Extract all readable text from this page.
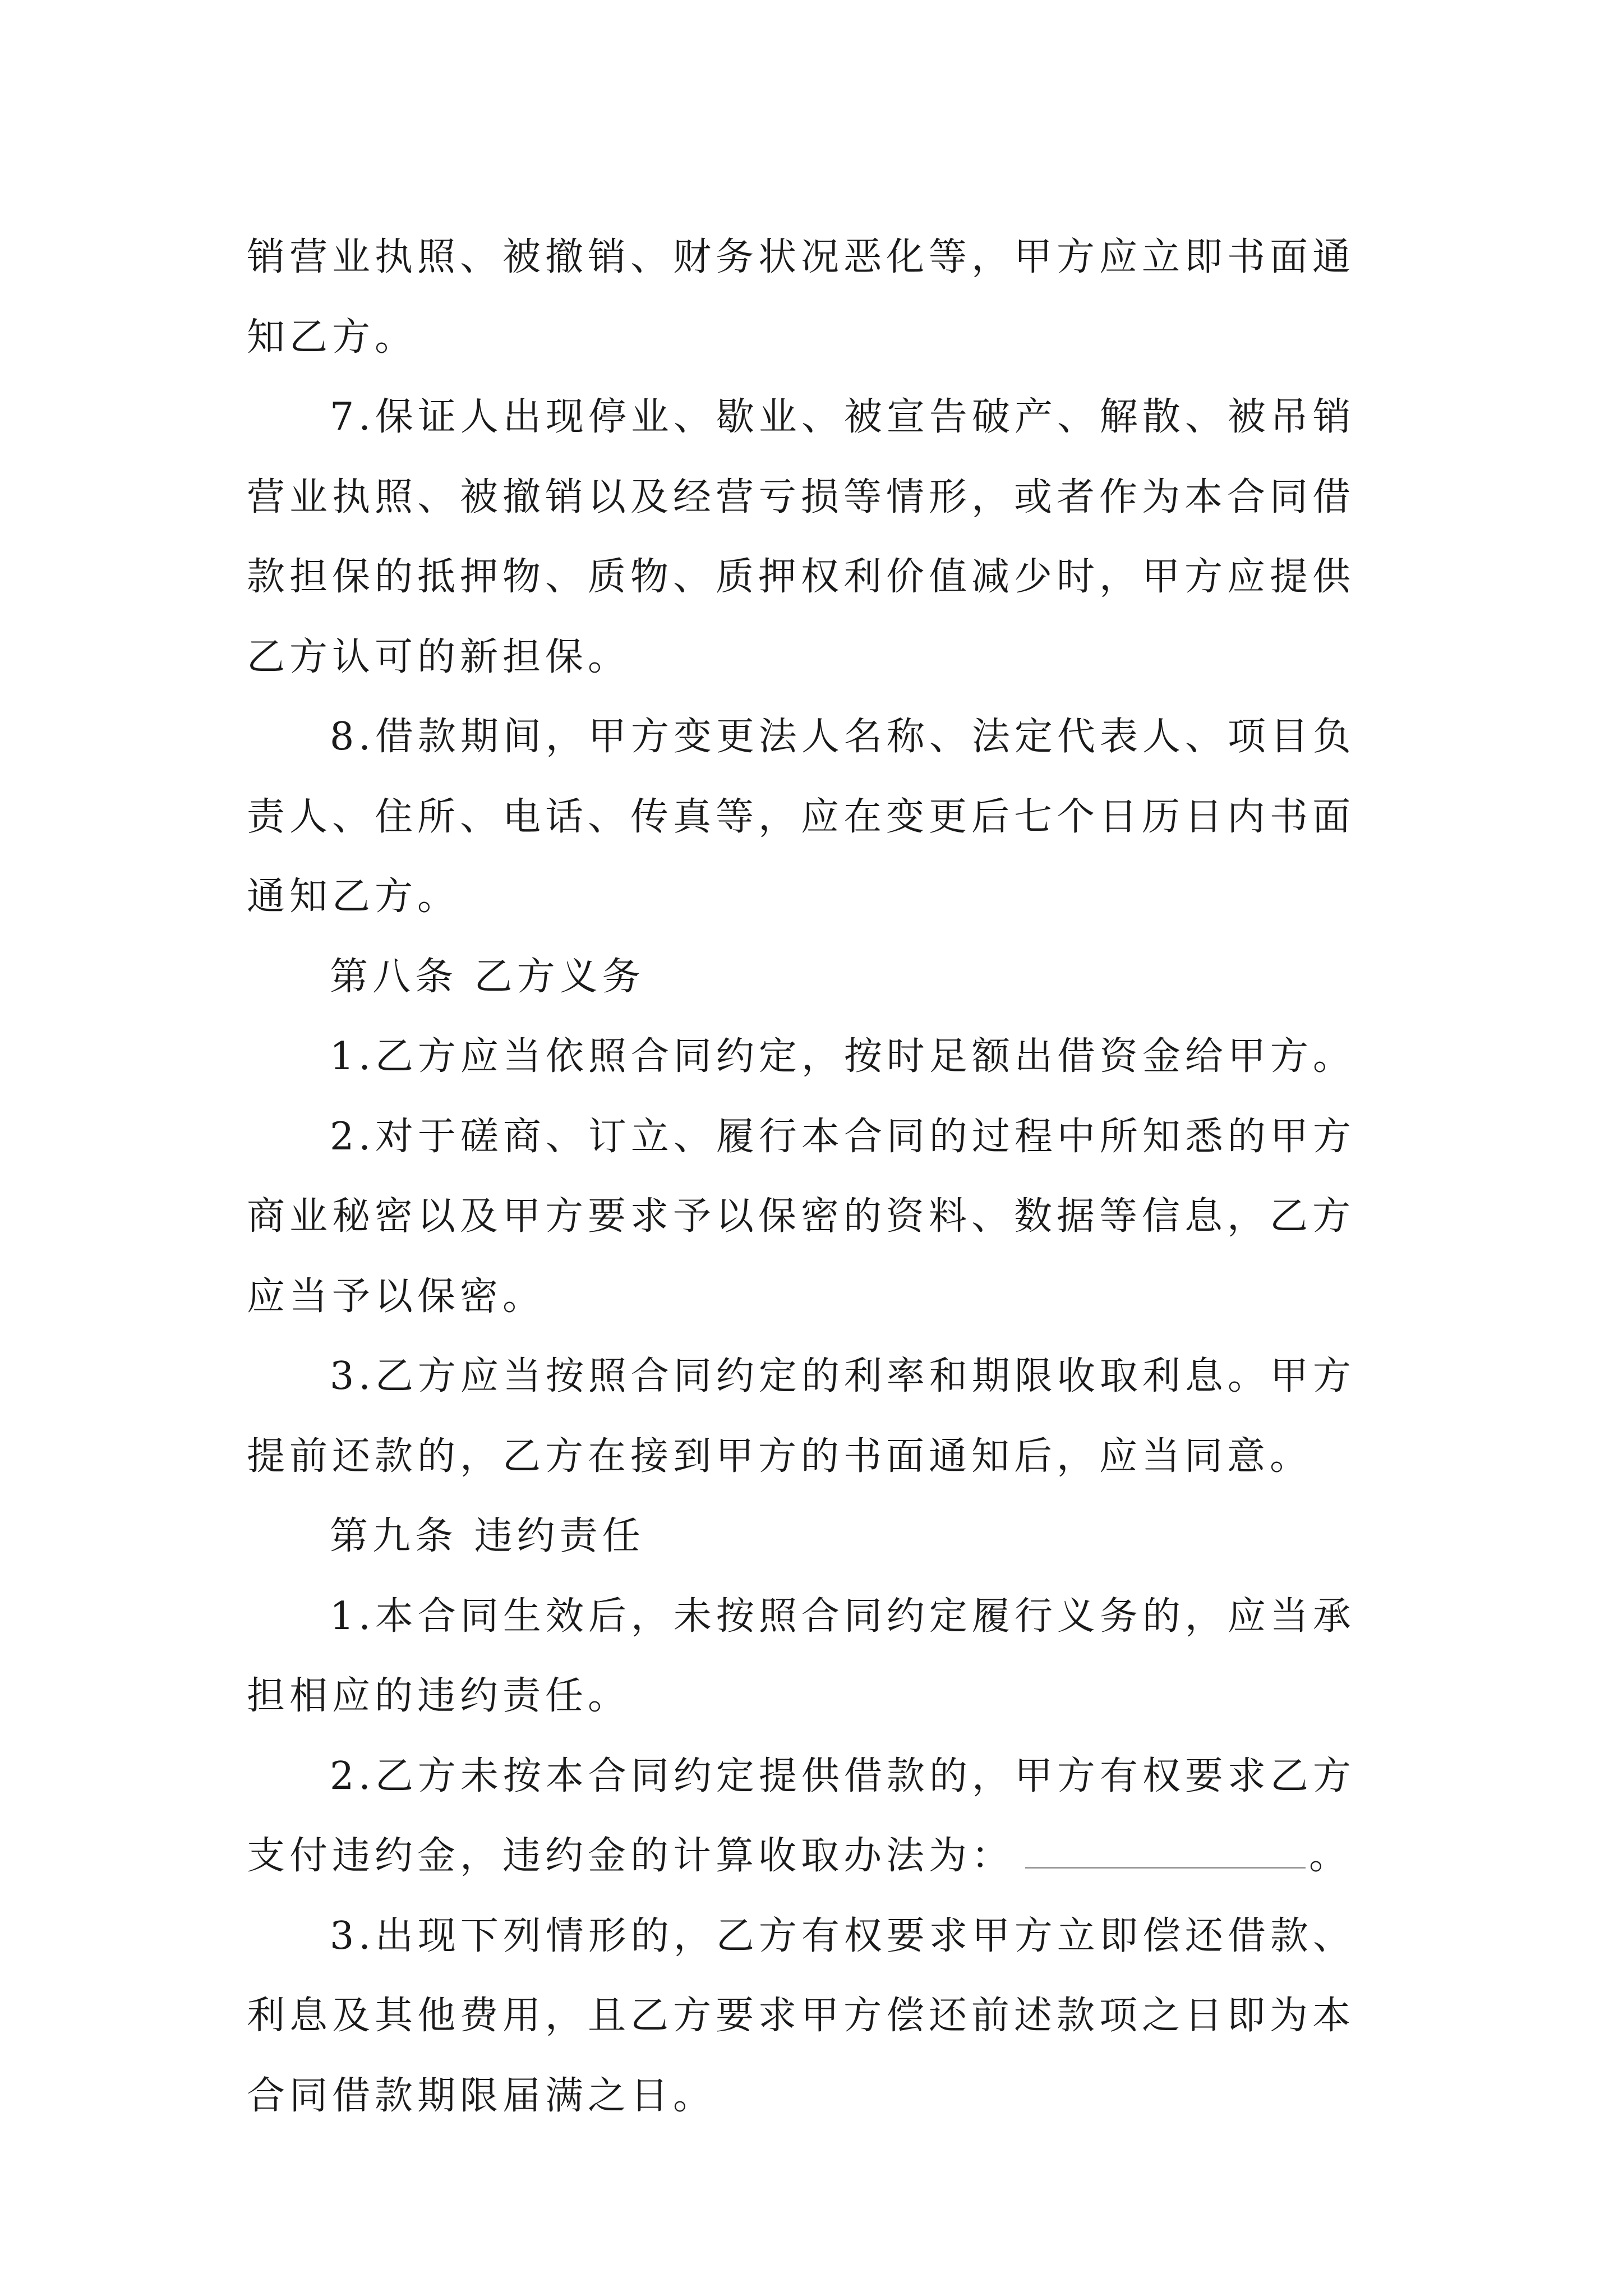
销营业执照、被撤销、财务状况恶化等，甲方应立即书面通

知乙方。

7.保证人出现停业、歇业、被宣告破产、解散、被吊销

营业执照、被撤销以及经营亏损等情形，或者作为本合同借

款担保的抵押物、质物、质押权利价值减少时，甲方应提供

乙方认可的新担保。

8.借款期间，甲方变更法人名称、法定代表人、项目负

责人、住所、电话、传真等，应在变更后七个日历日内书面

通知乙方。

第八条 乙方义务

1.乙方应当依照合同约定，按时足额出借资金给甲方。

2.对于磋商、订立、履行本合同的过程中所知悉的甲方

商业秘密以及甲方要求予以保密的资料、数据等信息，乙方

应当予以保密。

3.乙方应当按照合同约定的利率和期限收取利息。甲方

提前还款的，乙方在接到甲方的书面通知后，应当同意。

第九条 违约责任

1.本合同生效后，未按照合同约定履行义务的，应当承

担相应的违约责任。

2.乙方未按本合同约定提供借款的，甲方有权要求乙方

支付违约金，违约金的计算收取办法为：	。

3.出现下列情形的，乙方有权要求甲方立即偿还借款、

利息及其他费用，且乙方要求甲方偿还前述款项之日即为本

合同借款期限届满之日。
